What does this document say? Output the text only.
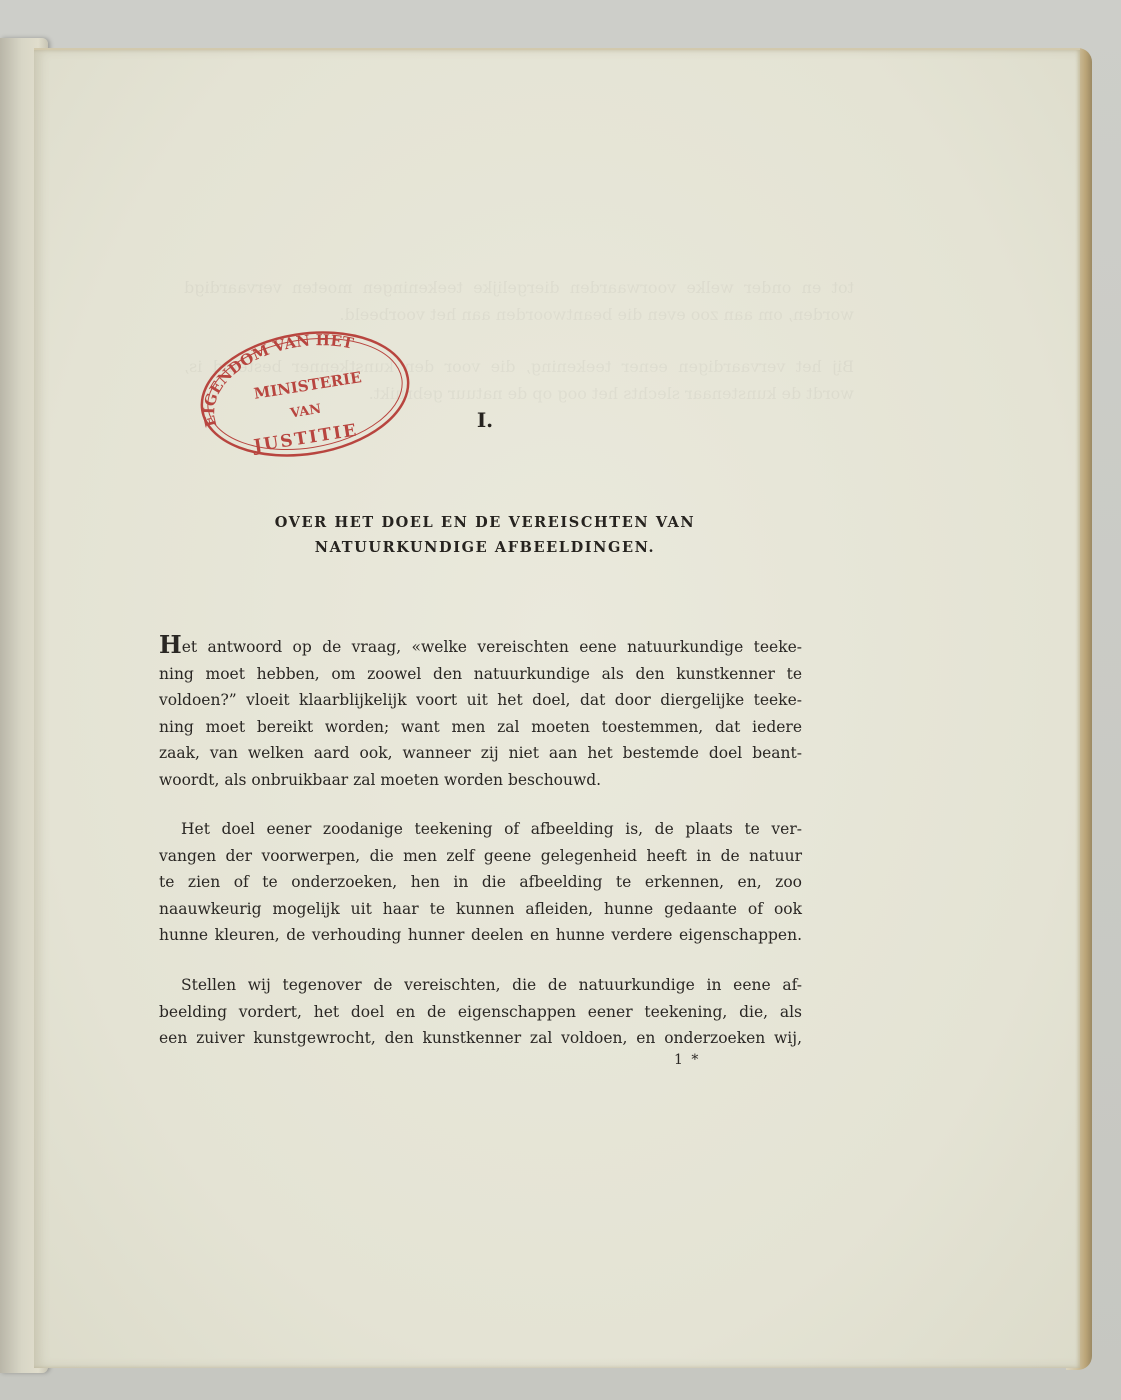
EIGENDOM VAN HET
MINISTERIE
VAN
JUSTITIE
I.
OVER HET DOEL EN DE VEREISCHTEN VAN
NATUURKUNDIGE AFBEELDINGEN.
Het antwoord op de vraag, «welke vereischten eene natuurkundige teeke-
ning moet hebben, om zoowel den natuurkundige als den kunstkenner te
voldoen?” vloeit klaarblijkelijk voort uit het doel, dat door diergelijke teeke-
ning moet bereikt worden; want men zal moeten toestemmen, dat iedere
zaak, van welken aard ook, wanneer zij niet aan het bestemde doel beant-
woordt, als onbruikbaar zal moeten worden beschouwd.
Het doel eener zoodanige teekening of afbeelding is, de plaats te ver-
vangen der voorwerpen, die men zelf geene gelegenheid heeft in de natuur
te zien of te onderzoeken, hen in die afbeelding te erkennen, en, zoo
naauwkeurig mogelijk uit haar te kunnen afleiden, hunne gedaante of ook
hunne kleuren, de verhouding hunner deelen en hunne verdere eigenschappen.
Stellen wij tegenover de vereischten, die de natuurkundige in eene af-
beelding vordert, het doel en de eigenschappen eener teekening, die, als
een zuiver kunstgewrocht, den kunstkenner zal voldoen, en onderzoeken wij,
1 *
